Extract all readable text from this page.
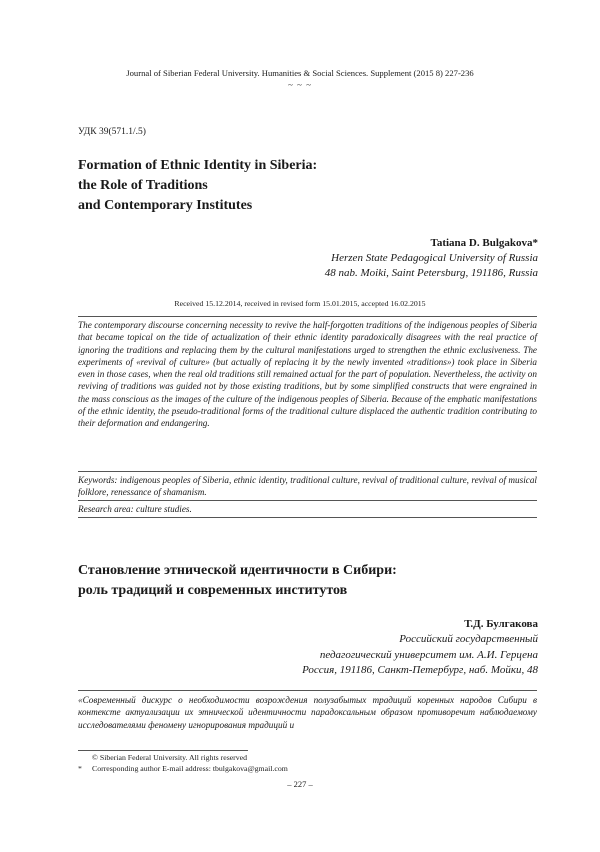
Journal of Siberian Federal University. Humanities & Social Sciences. Supplement (2015 8) 227-236
~ ~ ~
УДК 39(571.1/.5)
Formation of Ethnic Identity in Siberia:
the Role of Traditions
and Contemporary Institutes
Tatiana D. Bulgakova*
Herzen State Pedagogical University of Russia
48 nab. Moiki, Saint Petersburg, 191186, Russia
Received 15.12.2014, received in revised form 15.01.2015, accepted 16.02.2015
The contemporary discourse concerning necessity to revive the half-forgotten traditions of the indigenous peoples of Siberia that became topical on the tide of actualization of their ethnic identity paradoxically disagrees with the real practice of ignoring the traditions and replacing them by the cultural manifestations urged to strengthen the ethnic exclusiveness. The experiments of «revival of culture» (but actually of replacing it by the newly invented «traditions») took place in Siberia even in those cases, when the real old traditions still remained actual for the part of population. Nevertheless, the activity on reviving of traditions was guided not by those existing traditions, but by some simplified constructs that were engrained in the mass conscious as the images of the culture of the indigenous peoples of Siberia. Because of the emphatic manifestations of the ethnic identity, the pseudo-traditional forms of the traditional culture displaced the authentic tradition contributing to their deformation and endangering.
Keywords: indigenous peoples of Siberia, ethnic identity, traditional culture, revival of traditional culture, revival of musical folklore, renessance of shamanism.
Research area: culture studies.
Становление этнической идентичности в Сибири:
роль традиций и современных институтов
Т.Д. Булгакова
Российский государственный
педагогический университет им. А.И. Герцена
Россия, 191186, Санкт-Петербург, наб. Мойки, 48
«Современный дискурс о необходимости возрождения полузабытых традиций коренных народов Сибири в контексте актуализации их этнической идентичности парадоксальным образом противоречит наблюдаемому исследователями феномену игнорирования традиций и
© Siberian Federal University. All rights reserved
* Corresponding author E-mail address: tbulgakova@gmail.com
– 227 –
